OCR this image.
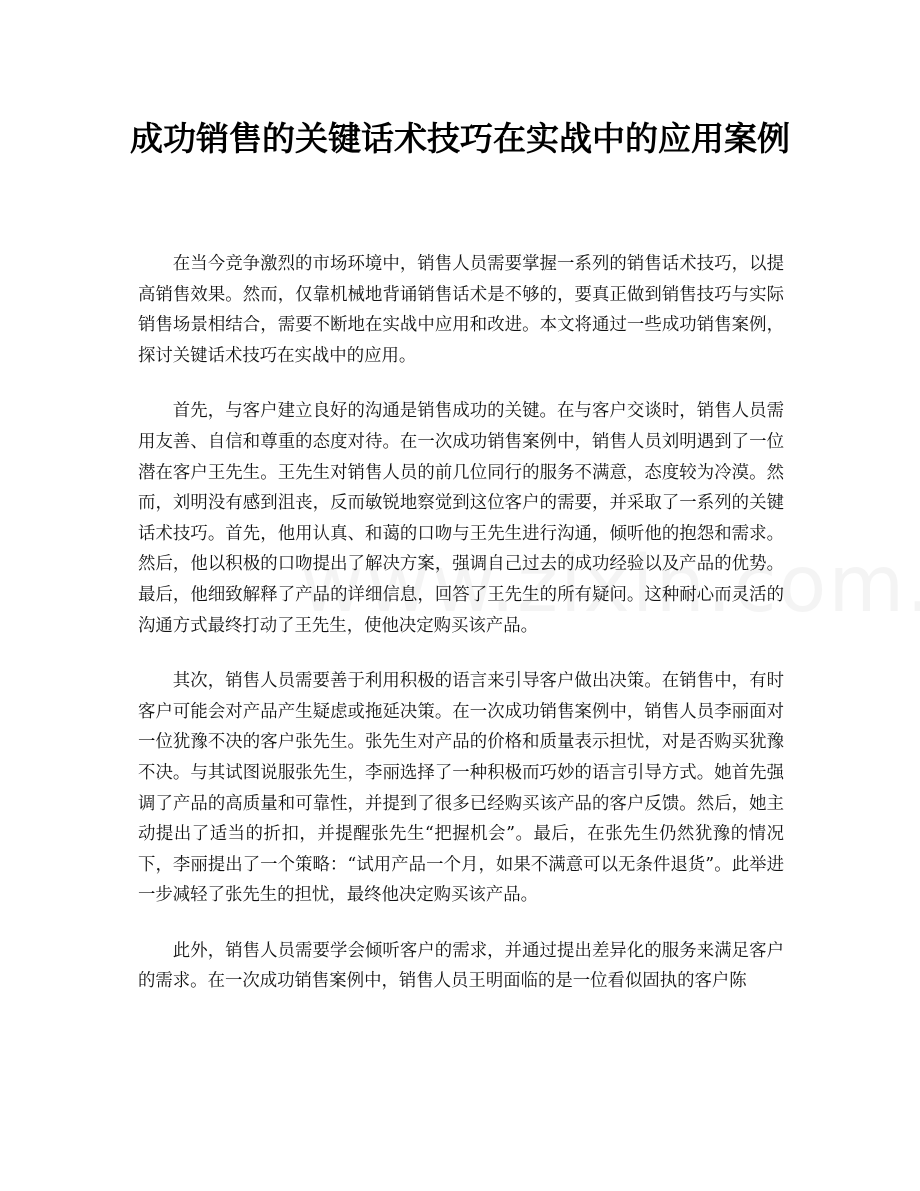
成功销售的关键话术技巧在实战中的应用案例

在当今竞争激烈的市场环境中，销售人员需要掌握一系列的销售话术技巧，以提高销售效果。然而，仅靠机械地背诵销售话术是不够的，要真正做到销售技巧与实际销售场景相结合，需要不断地在实战中应用和改进。本文将通过一些成功销售案例，探讨关键话术技巧在实战中的应用。

首先，与客户建立良好的沟通是销售成功的关键。在与客户交谈时，销售人员需用友善、自信和尊重的态度对待。在一次成功销售案例中，销售人员刘明遇到了一位潜在客户王先生。王先生对销售人员的前几位同行的服务不满意，态度较为冷漠。然而，刘明没有感到沮丧，反而敏锐地察觉到这位客户的需要，并采取了一系列的关键话术技巧。首先，他用认真、和蔼的口吻与王先生进行沟通，倾听他的抱怨和需求。然后，他以积极的口吻提出了解决方案，强调自己过去的成功经验以及产品的优势。最后，他细致解释了产品的详细信息，回答了王先生的所有疑问。这种耐心而灵活的沟通方式最终打动了王先生，使他决定购买该产品。

其次，销售人员需要善于利用积极的语言来引导客户做出决策。在销售中，有时客户可能会对产品产生疑虑或拖延决策。在一次成功销售案例中，销售人员李丽面对一位犹豫不决的客户张先生。张先生对产品的价格和质量表示担忧，对是否购买犹豫不决。与其试图说服张先生，李丽选择了一种积极而巧妙的语言引导方式。她首先强调了产品的高质量和可靠性，并提到了很多已经购买该产品的客户反馈。然后，她主动提出了适当的折扣，并提醒张先生“把握机会”。最后，在张先生仍然犹豫的情况下，李丽提出了一个策略：“试用产品一个月，如果不满意可以无条件退货”。此举进一步减轻了张先生的担忧，最终他决定购买该产品。

此外，销售人员需要学会倾听客户的需求，并通过提出差异化的服务来满足客户的需求。在一次成功销售案例中，销售人员王明面临的是一位看似固执的客户陈
